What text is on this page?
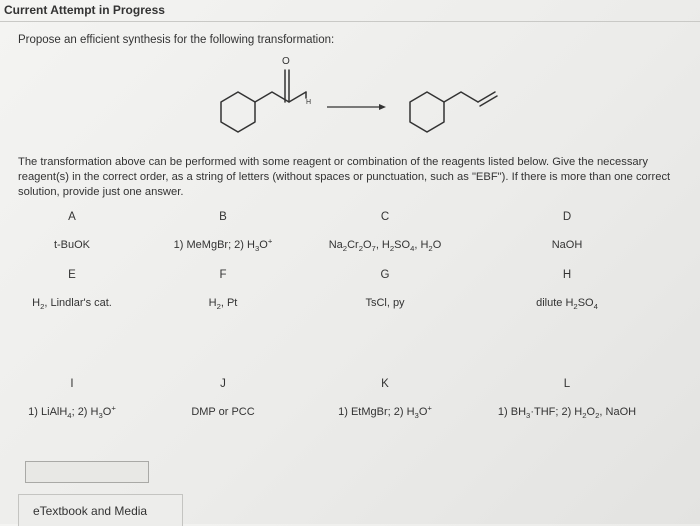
Current Attempt in Progress
Propose an efficient synthesis for the following transformation:
O
H
The transformation above can be performed with some reagent or combination of the reagents listed below. Give the necessary reagent(s) in the correct order, as a string of letters (without spaces or punctuation, such as "EBF"). If there is more than one correct solution, provide just one answer.
A
t-BuOK
B
1) MeMgBr; 2) $H_3O^+$
C
$Na_2Cr_2O_7$, $H_2SO_4$, $H_2O$
D
NaOH
E
$H_2$, Lindlar's cat.
F
$H_2$, Pt
G
TsCl, py
H
dilute $H_2SO_4$
I
1) LiAlH$_4$; 2) $H_3O^+$
J
DMP or PCC
K
1) EtMgBr; 2) $H_3O^+$
L
1) $BH_3\cdot THF$; 2) $H_2O_2$, NaOH
eTextbook and Media
